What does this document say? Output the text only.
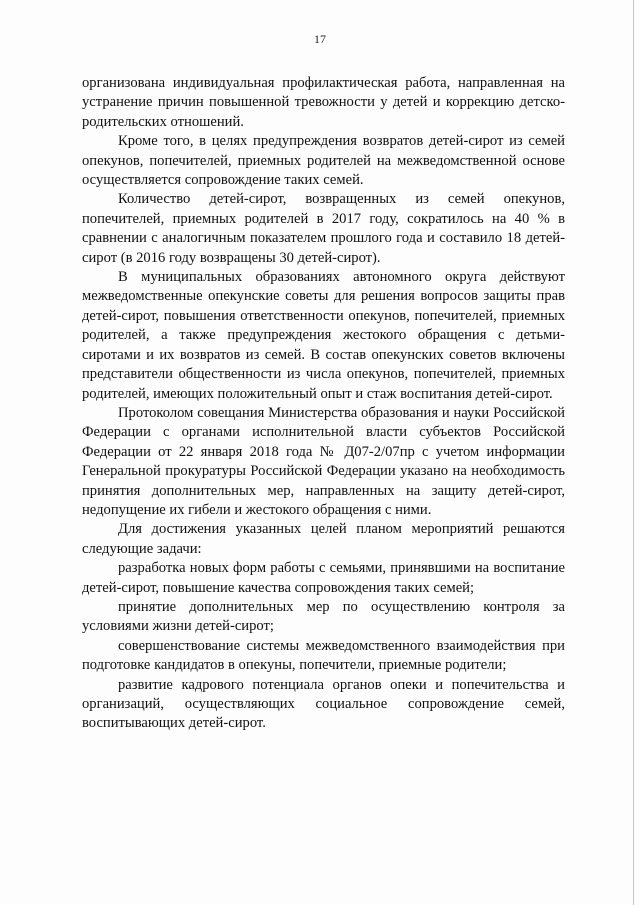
17

организована индивидуальная профилактическая работа, направленная на устранение причин повышенной тревожности у детей и коррекцию детско-родительских отношений.

Кроме того, в целях предупреждения возвратов детей-сирот из семей опекунов, попечителей, приемных родителей на межведомственной основе осуществляется сопровождение таких семей.

Количество детей-сирот, возвращенных из семей опекунов, попечителей, приемных родителей в 2017 году, сократилось на 40 % в сравнении с аналогичным показателем прошлого года и составило 18 детей-сирот (в 2016 году возвращены 30 детей-сирот).

В муниципальных образованиях автономного округа действуют межведомственные опекунские советы для решения вопросов защиты прав детей-сирот, повышения ответственности опекунов, попечителей, приемных родителей, а также предупреждения жестокого обращения с детьми-сиротами и их возвратов из семей. В состав опекунских советов включены представители общественности из числа опекунов, попечителей, приемных родителей, имеющих положительный опыт и стаж воспитания детей-сирот.

Протоколом совещания Министерства образования и науки Российской Федерации с органами исполнительной власти субъектов Российской Федерации от 22 января 2018 года № Д07-2/07пр с учетом информации Генеральной прокуратуры Российской Федерации указано на необходимость принятия дополнительных мер, направленных на защиту детей-сирот, недопущение их гибели и жестокого обращения с ними.

Для достижения указанных целей планом мероприятий решаются следующие задачи:

разработка новых форм работы с семьями, принявшими на воспитание детей-сирот, повышение качества сопровождения таких семей;

принятие дополнительных мер по осуществлению контроля за условиями жизни детей-сирот;

совершенствование системы межведомственного взаимодействия при подготовке кандидатов в опекуны, попечители, приемные родители;

развитие кадрового потенциала органов опеки и попечительства и организаций, осуществляющих социальное сопровождение семей, воспитывающих детей-сирот.
